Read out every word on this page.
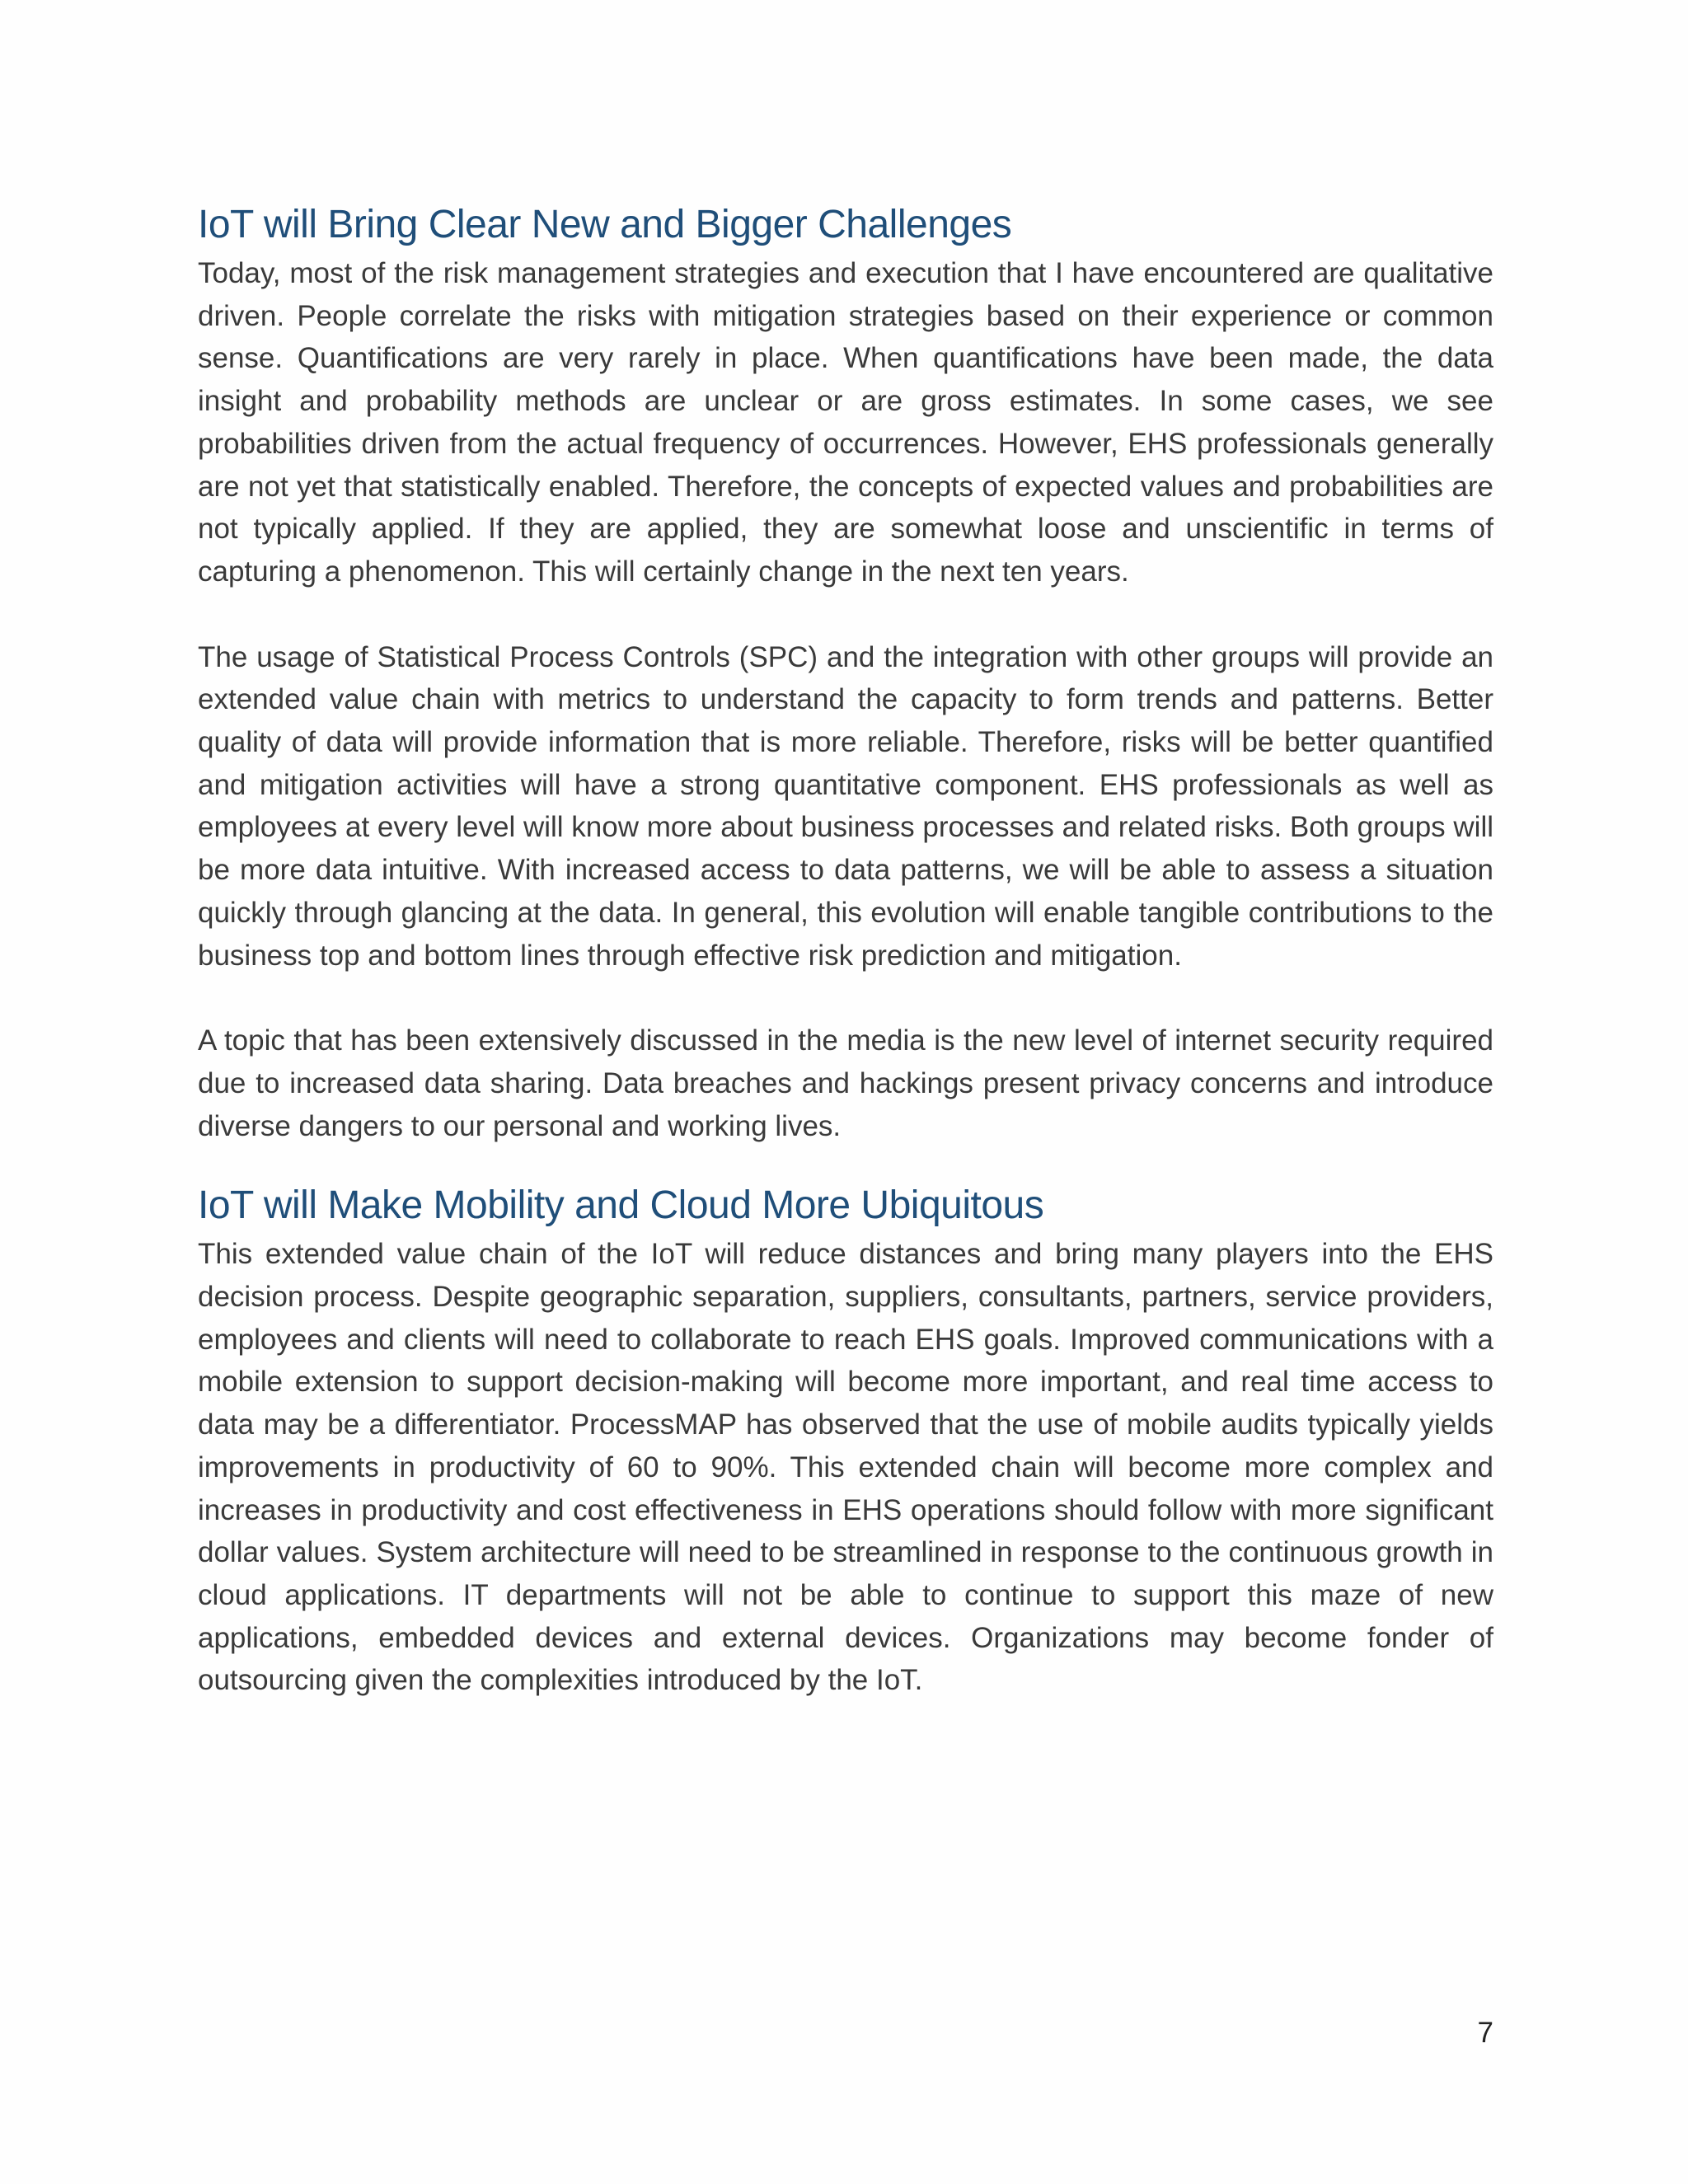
IoT will Bring Clear New and Bigger Challenges

Today, most of the risk management strategies and execution that I have encountered are qualitative driven. People correlate the risks with mitigation strategies based on their experience or common sense. Quantifications are very rarely in place. When quantifications have been made, the data insight and probability methods are unclear or are gross estimates. In some cases, we see probabilities driven from the actual frequency of occurrences. However, EHS professionals generally are not yet that statistically enabled. Therefore, the concepts of expected values and probabilities are not typically applied. If they are applied, they are somewhat loose and unscientific in terms of capturing a phenomenon. This will certainly change in the next ten years.

The usage of Statistical Process Controls (SPC) and the integration with other groups will provide an extended value chain with metrics to understand the capacity to form trends and patterns. Better quality of data will provide information that is more reliable. Therefore, risks will be better quantified and mitigation activities will have a strong quantitative component. EHS professionals as well as employees at every level will know more about business processes and related risks. Both groups will be more data intuitive. With increased access to data patterns, we will be able to assess a situation quickly through glancing at the data. In general, this evolution will enable tangible contributions to the business top and bottom lines through effective risk prediction and mitigation.

A topic that has been extensively discussed in the media is the new level of internet security required due to increased data sharing. Data breaches and hackings present privacy concerns and introduce diverse dangers to our personal and working lives.

IoT will Make Mobility and Cloud More Ubiquitous

This extended value chain of the IoT will reduce distances and bring many players into the EHS decision process. Despite geographic separation, suppliers, consultants, partners, service providers, employees and clients will need to collaborate to reach EHS goals. Improved communications with a mobile extension to support decision-making will become more important, and real time access to data may be a differentiator. ProcessMAP has observed that the use of mobile audits typically yields improvements in productivity of 60 to 90%. This extended chain will become more complex and increases in productivity and cost effectiveness in EHS operations should follow with more significant dollar values. System architecture will need to be streamlined in response to the continuous growth in cloud applications. IT departments will not be able to continue to support this maze of new applications, embedded devices and external devices. Organizations may become fonder of outsourcing given the complexities introduced by the IoT.

7
